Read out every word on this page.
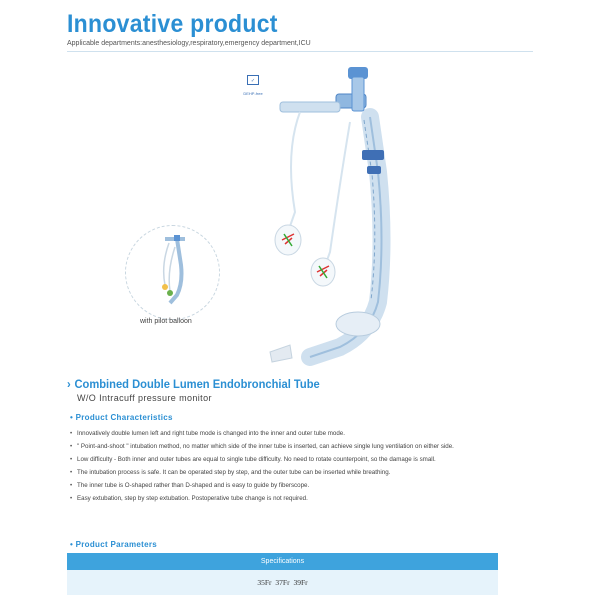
Innovative product
Applicable departments:anesthesiology,respiratory,emergency department,ICU
✓
DEHP-free
with pilot balloon
› Combined Double Lumen Endobronchial Tube
W/O Intracuff pressure monitor
• Product Characteristics
• Innovatively double lumen left and right tube mode is changed into the inner and outer tube mode.
• " Point-and-shoot " intubation method, no matter which side of the inner tube is inserted, can achieve single lung ventilation on either side.
• Low difficulty - Both inner and outer tubes are equal to single tube difficulty. No need to rotate counterpoint, so the damage is small.
• The intubation process is safe. It can be operated step by step, and the outer tube can be inserted while breathing.
• The inner tube is O-shaped rather than D-shaped and is easy to guide by fiberscope.
• Easy extubation, step by step extubation. Postoperative tube change is not required.
• Product Parameters
Specifications
35Fr 37Fr 39Fr
